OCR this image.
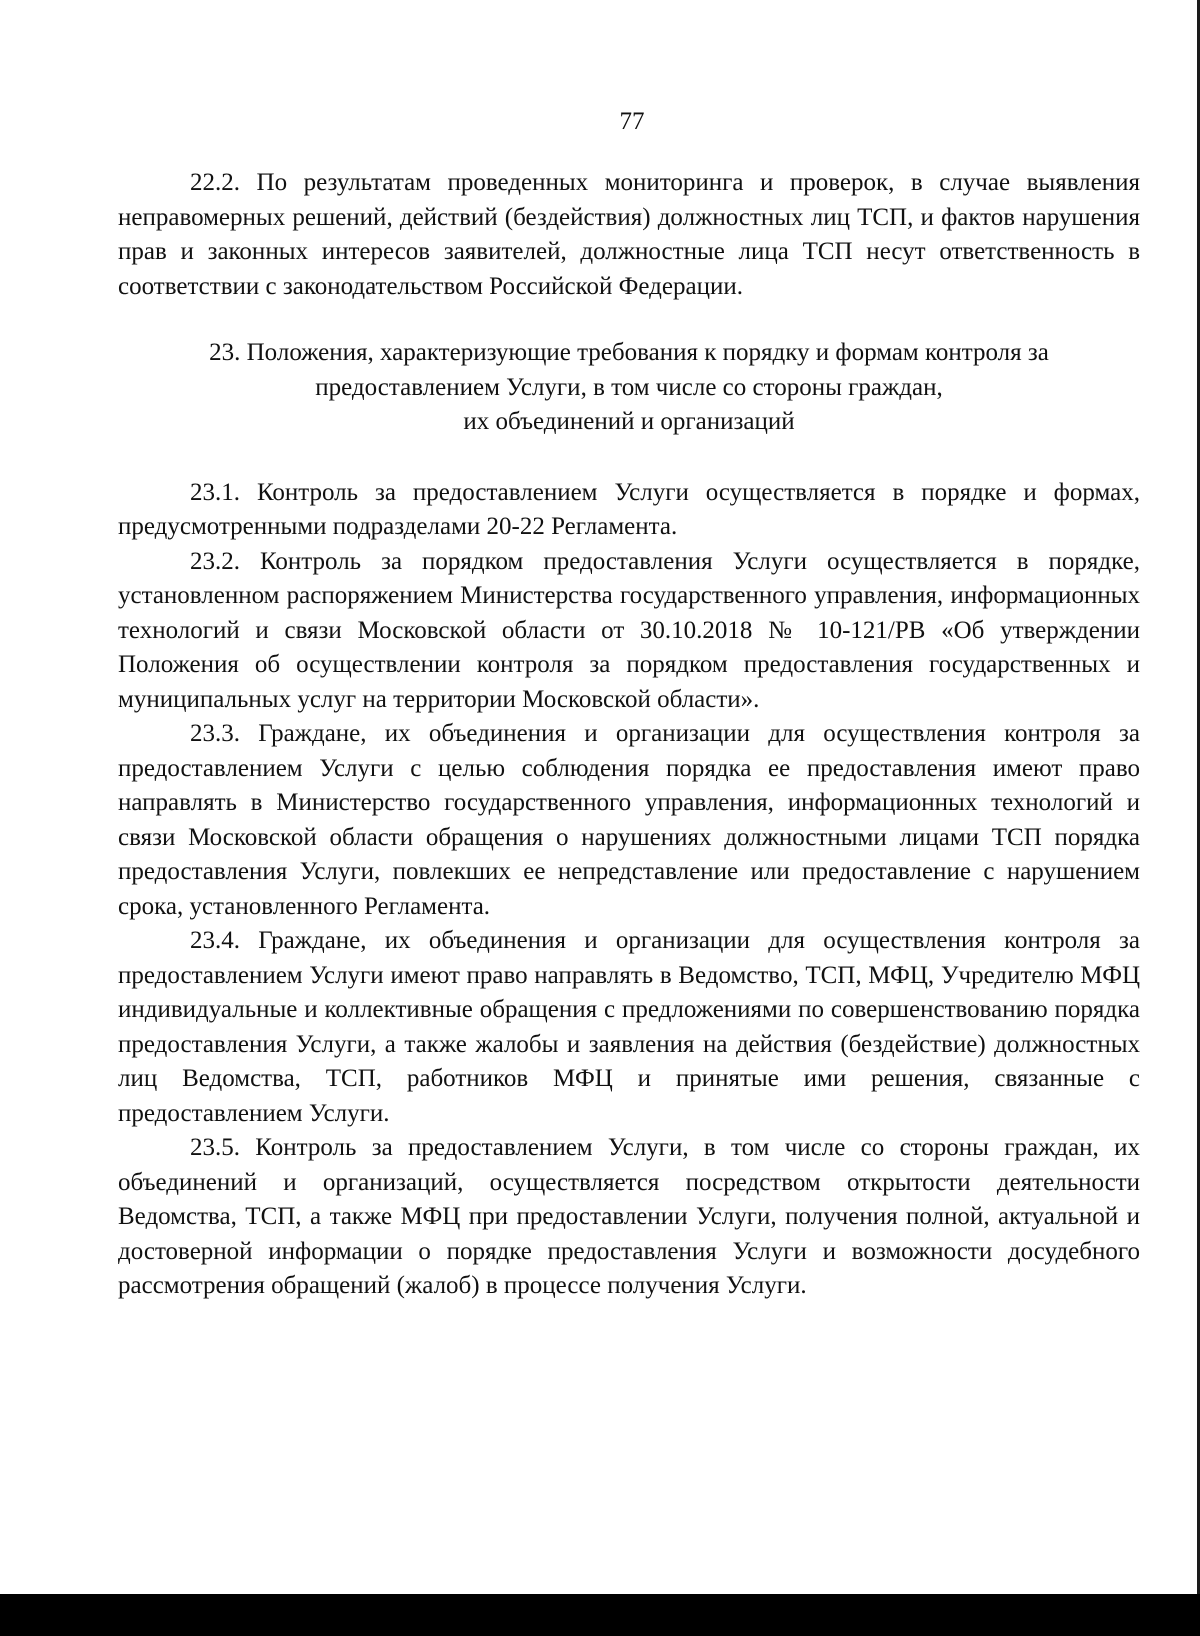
77

22.2. По результатам проведенных мониторинга и проверок, в случае выявления неправомерных решений, действий (бездействия) должностных лиц ТСП, и фактов нарушения прав и законных интересов заявителей, должностные лица ТСП несут ответственность в соответствии с законодательством Российской Федерации.

23. Положения, характеризующие требования к порядку и формам контроля за
предоставлением Услуги, в том числе со стороны граждан,
их объединений и организаций

23.1. Контроль за предоставлением Услуги осуществляется в порядке и формах, предусмотренными подразделами 20-22 Регламента.

23.2. Контроль за порядком предоставления Услуги осуществляется в порядке, установленном распоряжением Министерства государственного управления, информационных технологий и связи Московской области от 30.10.2018 № 10-121/РВ «Об утверждении Положения об осуществлении контроля за порядком предоставления государственных и муниципальных услуг на территории Московской области».

23.3. Граждане, их объединения и организации для осуществления контроля за предоставлением Услуги с целью соблюдения порядка ее предоставления имеют право направлять в Министерство государственного управления, информационных технологий и связи Московской области обращения о нарушениях должностными лицами ТСП порядка предоставления Услуги, повлекших ее непредставление или предоставление с нарушением срока, установленного Регламента.

23.4. Граждане, их объединения и организации для осуществления контроля за предоставлением Услуги имеют право направлять в Ведомство, ТСП, МФЦ, Учредителю МФЦ индивидуальные и коллективные обращения с предложениями по совершенствованию порядка предоставления Услуги, а также жалобы и заявления на действия (бездействие) должностных лиц Ведомства, ТСП, работников МФЦ и принятые ими решения, связанные с предоставлением Услуги.

23.5. Контроль за предоставлением Услуги, в том числе со стороны граждан, их объединений и организаций, осуществляется посредством открытости деятельности Ведомства, ТСП, а также МФЦ при предоставлении Услуги, получения полной, актуальной и достоверной информации о порядке предоставления Услуги и возможности досудебного рассмотрения обращений (жалоб) в процессе получения Услуги.
